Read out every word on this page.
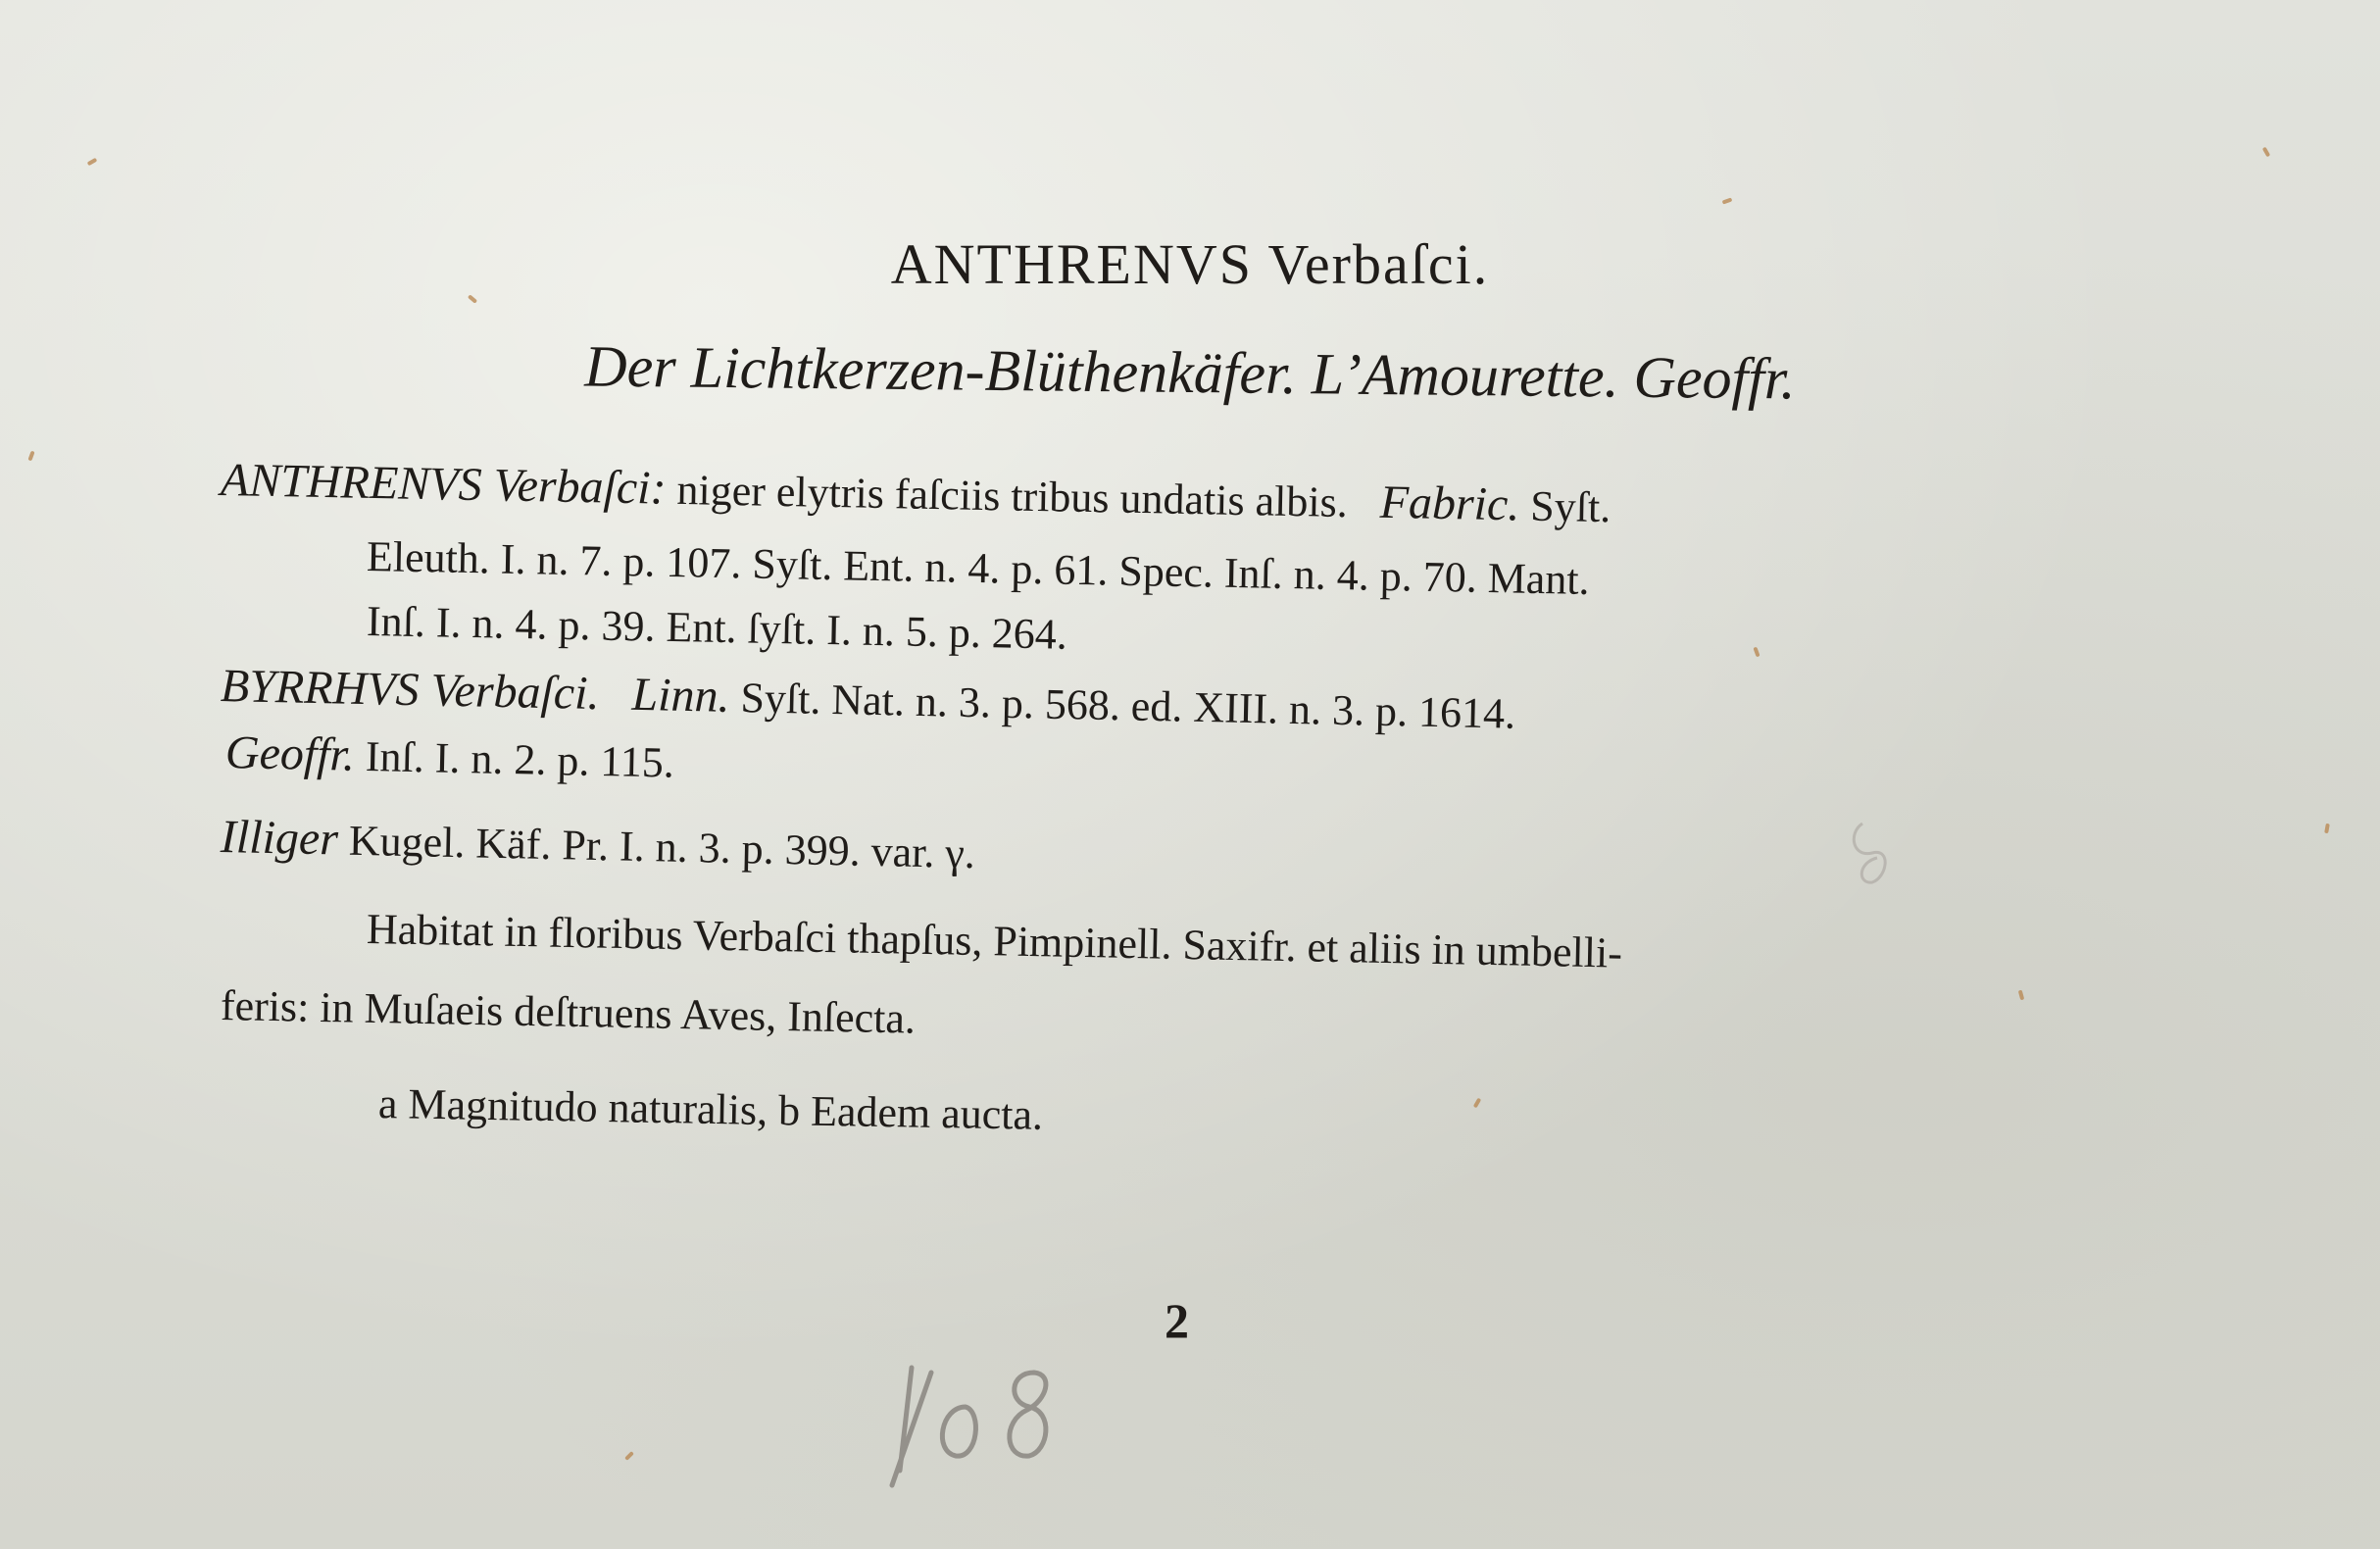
ANTHRENVS Verbaſci.
Der Lichtkerzen-Blüthenkäfer. L’Amourette. Geoffr.
ANTHRENVS Verbaſci: niger elytris faſciis tribus undatis albis. Fabric. Syſt.
Eleuth. I. n. 7. p. 107. Syſt. Ent. n. 4. p. 61. Spec. Inſ. n. 4. p. 70. Mant.
Inſ. I. n. 4. p. 39. Ent. ſyſt. I. n. 5. p. 264.
BYRRHVS Verbaſci. Linn. Syſt. Nat. n. 3. p. 568. ed. XIII. n. 3. p. 1614.
Geoffr. Inſ. I. n. 2. p. 115.
Illiger Kugel. Käf. Pr. I. n. 3. p. 399. var. γ.
Habitat in floribus Verbaſci thapſus, Pimpinell. Saxifr. et aliis in umbelli-
feris: in Muſaeis deſtruens Aves, Inſecta.
a Magnitudo naturalis, b Eadem aucta.
2
